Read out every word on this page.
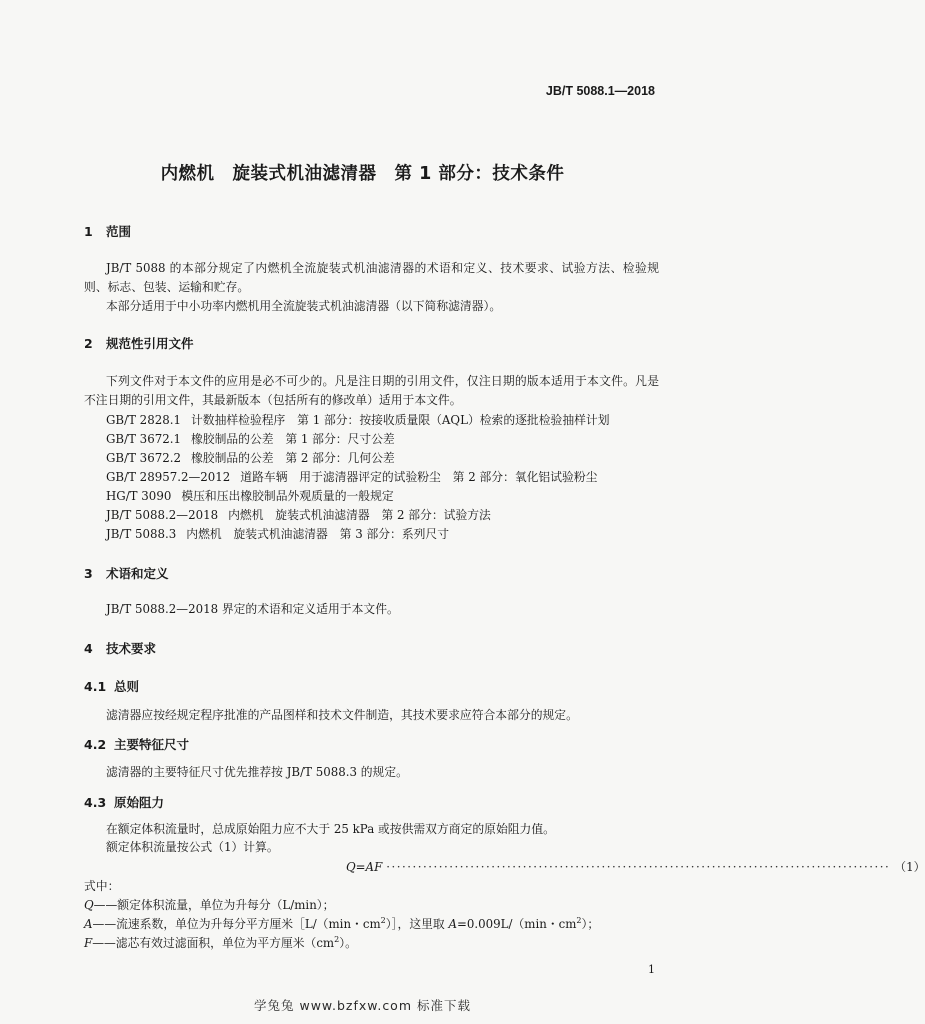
JB/T 5088.1—2018
内燃机　旋装式机油滤清器　第 1 部分：技术条件
1 范围
JB/T 5088 的本部分规定了内燃机全流旋装式机油滤清器的术语和定义、技术要求、试验方法、检验规则、标志、包装、运输和贮存。
本部分适用于中小功率内燃机用全流旋装式机油滤清器（以下简称滤清器）。
2 规范性引用文件
下列文件对于本文件的应用是必不可少的。凡是注日期的引用文件，仅注日期的版本适用于本文件。凡是不注日期的引用文件，其最新版本（包括所有的修改单）适用于本文件。
GB/T 2828.1 计数抽样检验程序　第 1 部分：按接收质量限（AQL）检索的逐批检验抽样计划
GB/T 3672.1 橡胶制品的公差　第 1 部分：尺寸公差
GB/T 3672.2 橡胶制品的公差　第 2 部分：几何公差
GB/T 28957.2—2012 道路车辆　用于滤清器评定的试验粉尘　第 2 部分：氧化铝试验粉尘
HG/T 3090 模压和压出橡胶制品外观质量的一般规定
JB/T 5088.2—2018 内燃机　旋装式机油滤清器　第 2 部分：试验方法
JB/T 5088.3 内燃机　旋装式机油滤清器　第 3 部分：系列尺寸
3 术语和定义
JB/T 5088.2—2018 界定的术语和定义适用于本文件。
4 技术要求
4.1 总则
滤清器应按经规定程序批准的产品图样和技术文件制造，其技术要求应符合本部分的规定。
4.2 主要特征尺寸
滤清器的主要特征尺寸优先推荐按 JB/T 5088.3 的规定。
4.3 原始阻力
在额定体积流量时，总成原始阻力应不大于 25 kPa 或按供需双方商定的原始阻力值。
额定体积流量按公式（1）计算。
Q=AF ································································································ （1）
式中：
Q——额定体积流量，单位为升每分（L/min）；
A——流速系数，单位为升每分平方厘米［L/（min・$cm^2)]$，这里取 A=0.009L/（min・$cm^2$）；
F——滤芯有效过滤面积，单位为平方厘米$(cm^2)$。
1
学兔兔 www.bzfxw.com 标准下载
